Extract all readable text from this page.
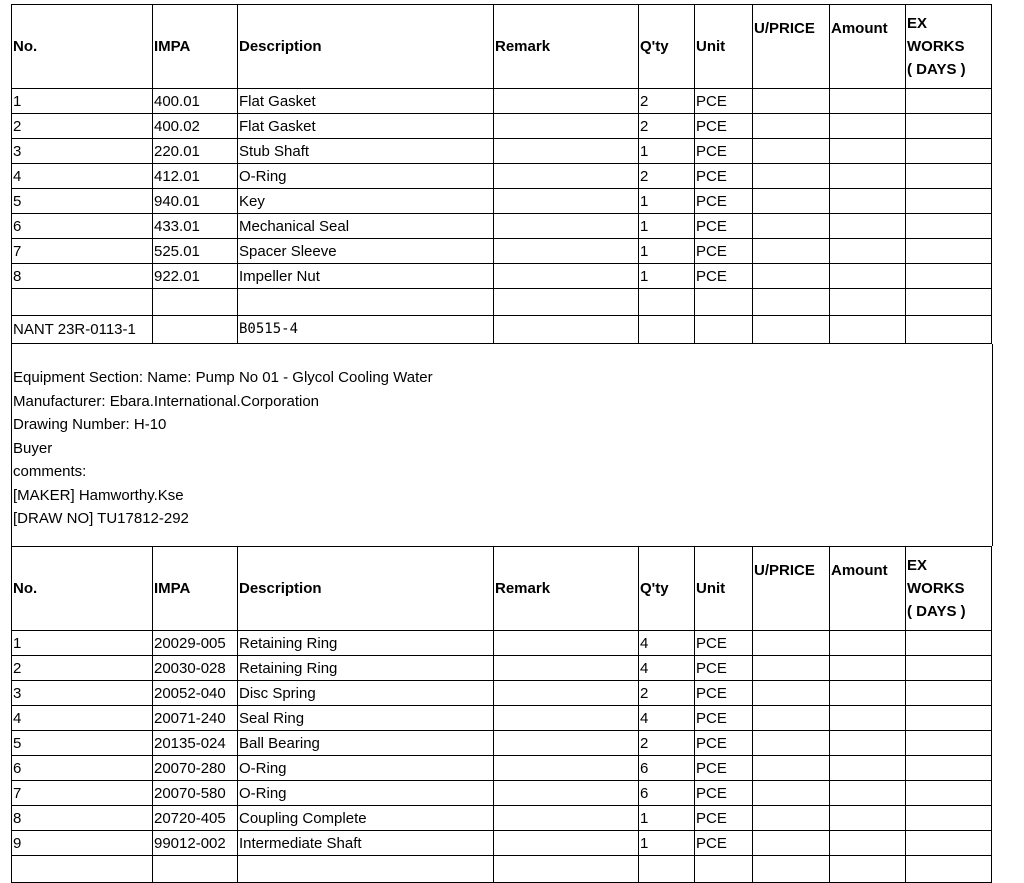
No.	IMPA	Description	Remark	Q'ty	Unit	U/PRICE	Amount	EX
WORKS
( DAYS )

1	400.01	Flat Gasket		2	PCE			
2	400.02	Flat Gasket		2	PCE			
3	220.01	Stub Shaft		1	PCE			
4	412.01	O-Ring		2	PCE			
5	940.01	Key		1	PCE			
6	433.01	Mechanical Seal		1	PCE			
7	525.01	Spacer Sleeve		1	PCE			
8	922.01	Impeller Nut		1	PCE			

NANT 23R-0113-1		B0515-4						
Equipment Section: Name: Pump No 01 - Glycol Cooling Water
Manufacturer: Ebara.International.Corporation
Drawing Number: H-10
Buyer
comments:
[MAKER] Hamworthy.Kse
[DRAW NO] TU17812-292
No.	IMPA	Description	Remark	Q'ty	Unit	U/PRICE	Amount	EX
WORKS
( DAYS )

1	20029-005	Retaining Ring		4	PCE			
2	20030-028	Retaining Ring		4	PCE			
3	20052-040	Disc Spring		2	PCE			
4	20071-240	Seal Ring		4	PCE			
5	20135-024	Ball Bearing		2	PCE			
6	20070-280	O-Ring		6	PCE			
7	20070-580	O-Ring		6	PCE			
8	20720-405	Coupling Complete		1	PCE			
9	99012-002	Intermediate Shaft		1	PCE			
